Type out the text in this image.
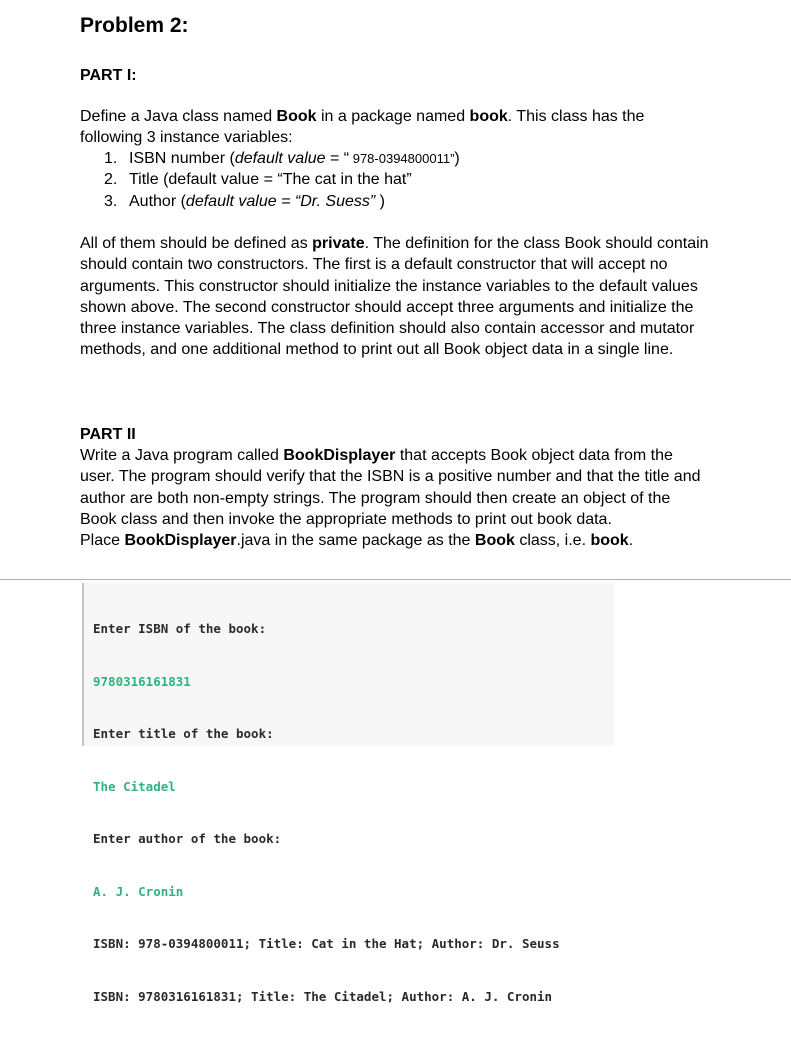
Problem 2:
PART I:
Define a Java class named Book in a package named book. This class has the following 3 instance variables:
1. ISBN number (default value = “ 978-0394800011”)
2. Title (default value = “The cat in the hat”
3. Author (default value = “Dr. Suess” )
All of them should be defined as private. The definition for the class Book should contain should contain two constructors. The first is a default constructor that will accept no arguments. This constructor should initialize the instance variables to the default values shown above. The second constructor should accept three arguments and initialize the three instance variables. The class definition should also contain accessor and mutator methods, and one additional method to print out all Book object data in a single line.
PART II
Write a Java program called BookDisplayer that accepts Book object data from the user. The program should verify that the ISBN is a positive number and that the title and author are both non-empty strings. The program should then create an object of the Book class and then invoke the appropriate methods to print out book data.
Place BookDisplayer.java in the same package as the Book class, i.e. book.

Enter ISBN of the book:

9780316161831

Enter title of the book:

The Citadel

Enter author of the book:

A. J. Cronin

ISBN: 978-0394800011; Title: Cat in the Hat; Author: Dr. Seuss

ISBN: 9780316161831; Title: The Citadel; Author: A. J. Cronin
